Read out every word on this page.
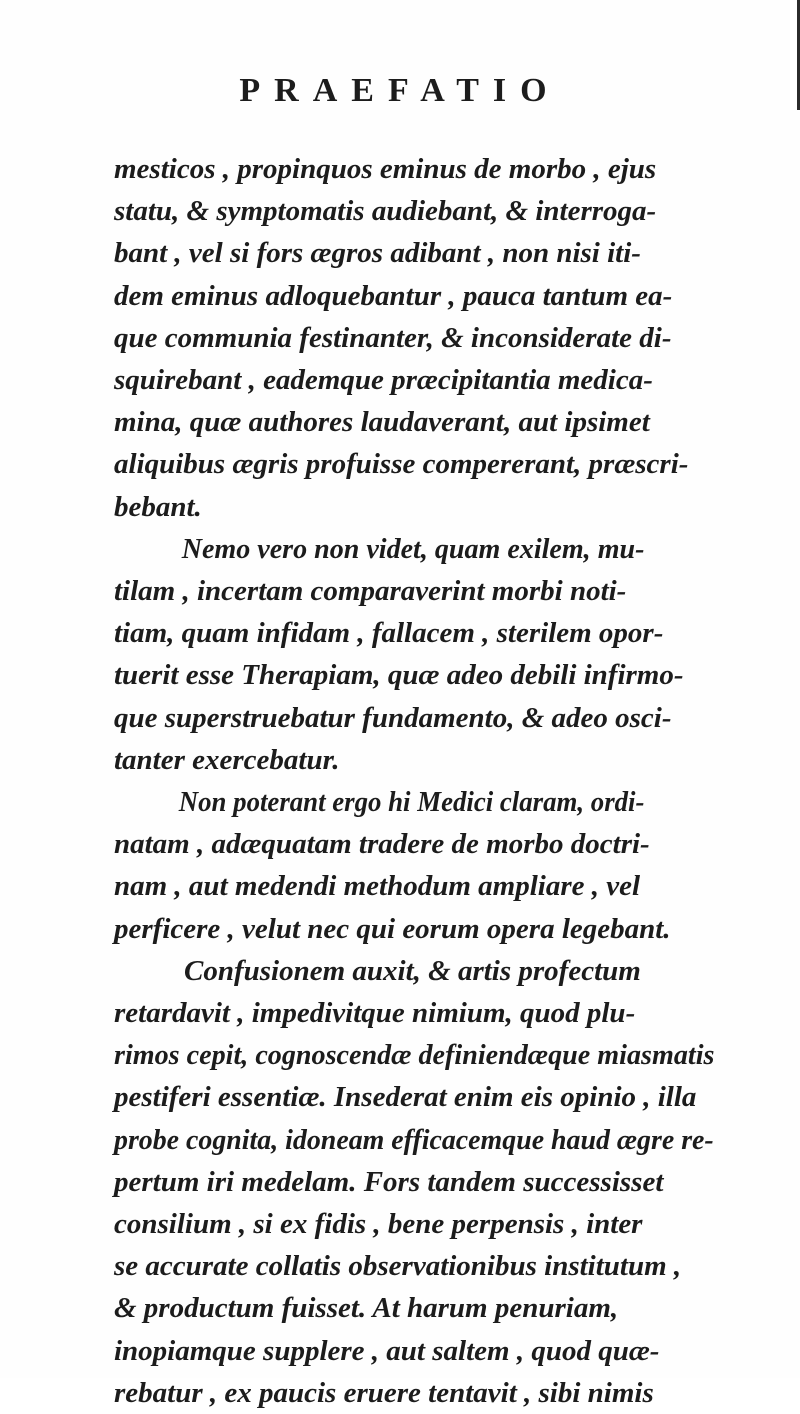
PRAEFATIO
mesticos , propinquos eminus de morbo , ejus
statu, & symptomatis audiebant, & interroga-
bant , vel si fors ægros adibant , non nisi iti-
dem eminus adloquebantur , pauca tantum ea-
que communia festinanter, & inconsiderate di-
squirebant , eademque præcipitantia medica-
mina, quæ authores laudaverant, aut ipsimet
aliquibus ægris profuisse compererant, præscri-
bebant.
Nemo vero non videt, quam exilem, mu-
tilam , incertam comparaverint morbi noti-
tiam, quam infidam , fallacem , sterilem opor-
tuerit esse Therapiam, quæ adeo debili infirmo-
que superstruebatur fundamento, & adeo osci-
tanter exercebatur.
Non poterant ergo hi Medici claram, ordi-
natam , adæquatam tradere de morbo doctri-
nam , aut medendi methodum ampliare , vel
perficere , velut nec qui eorum opera legebant.
Confusionem auxit, & artis profectum
retardavit , impedivitque nimium, quod plu-
rimos cepit, cognoscendæ definiendæque miasmatis
pestiferi essentiæ. Insederat enim eis opinio , illa
probe cognita, idoneam efficacemque haud ægre re-
pertum iri medelam. Fors tandem successisset
consilium , si ex fidis , bene perpensis , inter
se accurate collatis observationibus institutum ,
& productum fuisset. At harum penuriam,
inopiamque supplere , aut saltem , quod quæ-
rebatur , ex paucis eruere tentavit , sibi nimis
